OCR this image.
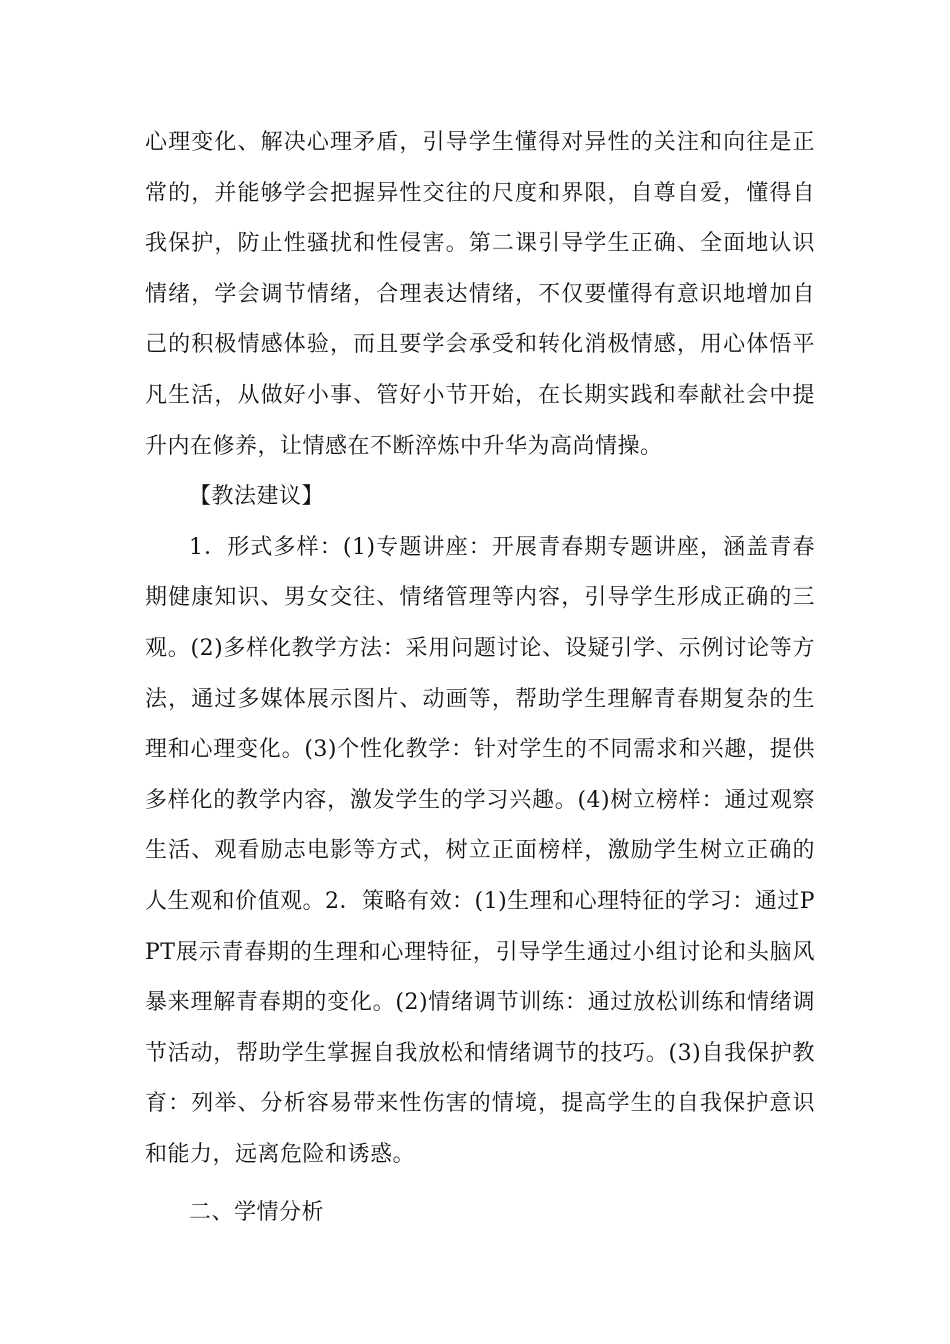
心理变化、解决心理矛盾，引导学生懂得对异性的关注和向往是正常的，并能够学会把握异性交往的尺度和界限，自尊自爱，懂得自我保护，防止性骚扰和性侵害。第二课引导学生正确、全面地认识情绪，学会调节情绪，合理表达情绪，不仅要懂得有意识地增加自己的积极情感体验，而且要学会承受和转化消极情感，用心体悟平凡生活，从做好小事、管好小节开始，在长期实践和奉献社会中提升内在修养，让情感在不断淬炼中升华为高尚情操。

【教法建议】

1．形式多样：(1)专题讲座：开展青春期专题讲座，涵盖青春期健康知识、男女交往、情绪管理等内容，引导学生形成正确的三观。(2)多样化教学方法：采用问题讨论、设疑引学、示例讨论等方法，通过多媒体展示图片、动画等，帮助学生理解青春期复杂的生理和心理变化。(3)个性化教学：针对学生的不同需求和兴趣，提供多样化的教学内容，激发学生的学习兴趣。(4)树立榜样：通过观察生活、观看励志电影等方式，树立正面榜样，激励学生树立正确的人生观和价值观。2．策略有效：(1)生理和心理特征的学习：通过PPT展示青春期的生理和心理特征，引导学生通过小组讨论和头脑风暴来理解青春期的变化。(2)情绪调节训练：通过放松训练和情绪调节活动，帮助学生掌握自我放松和情绪调节的技巧。(3)自我保护教育：列举、分析容易带来性伤害的情境，提高学生的自我保护意识和能力，远离危险和诱惑。

二、学情分析
